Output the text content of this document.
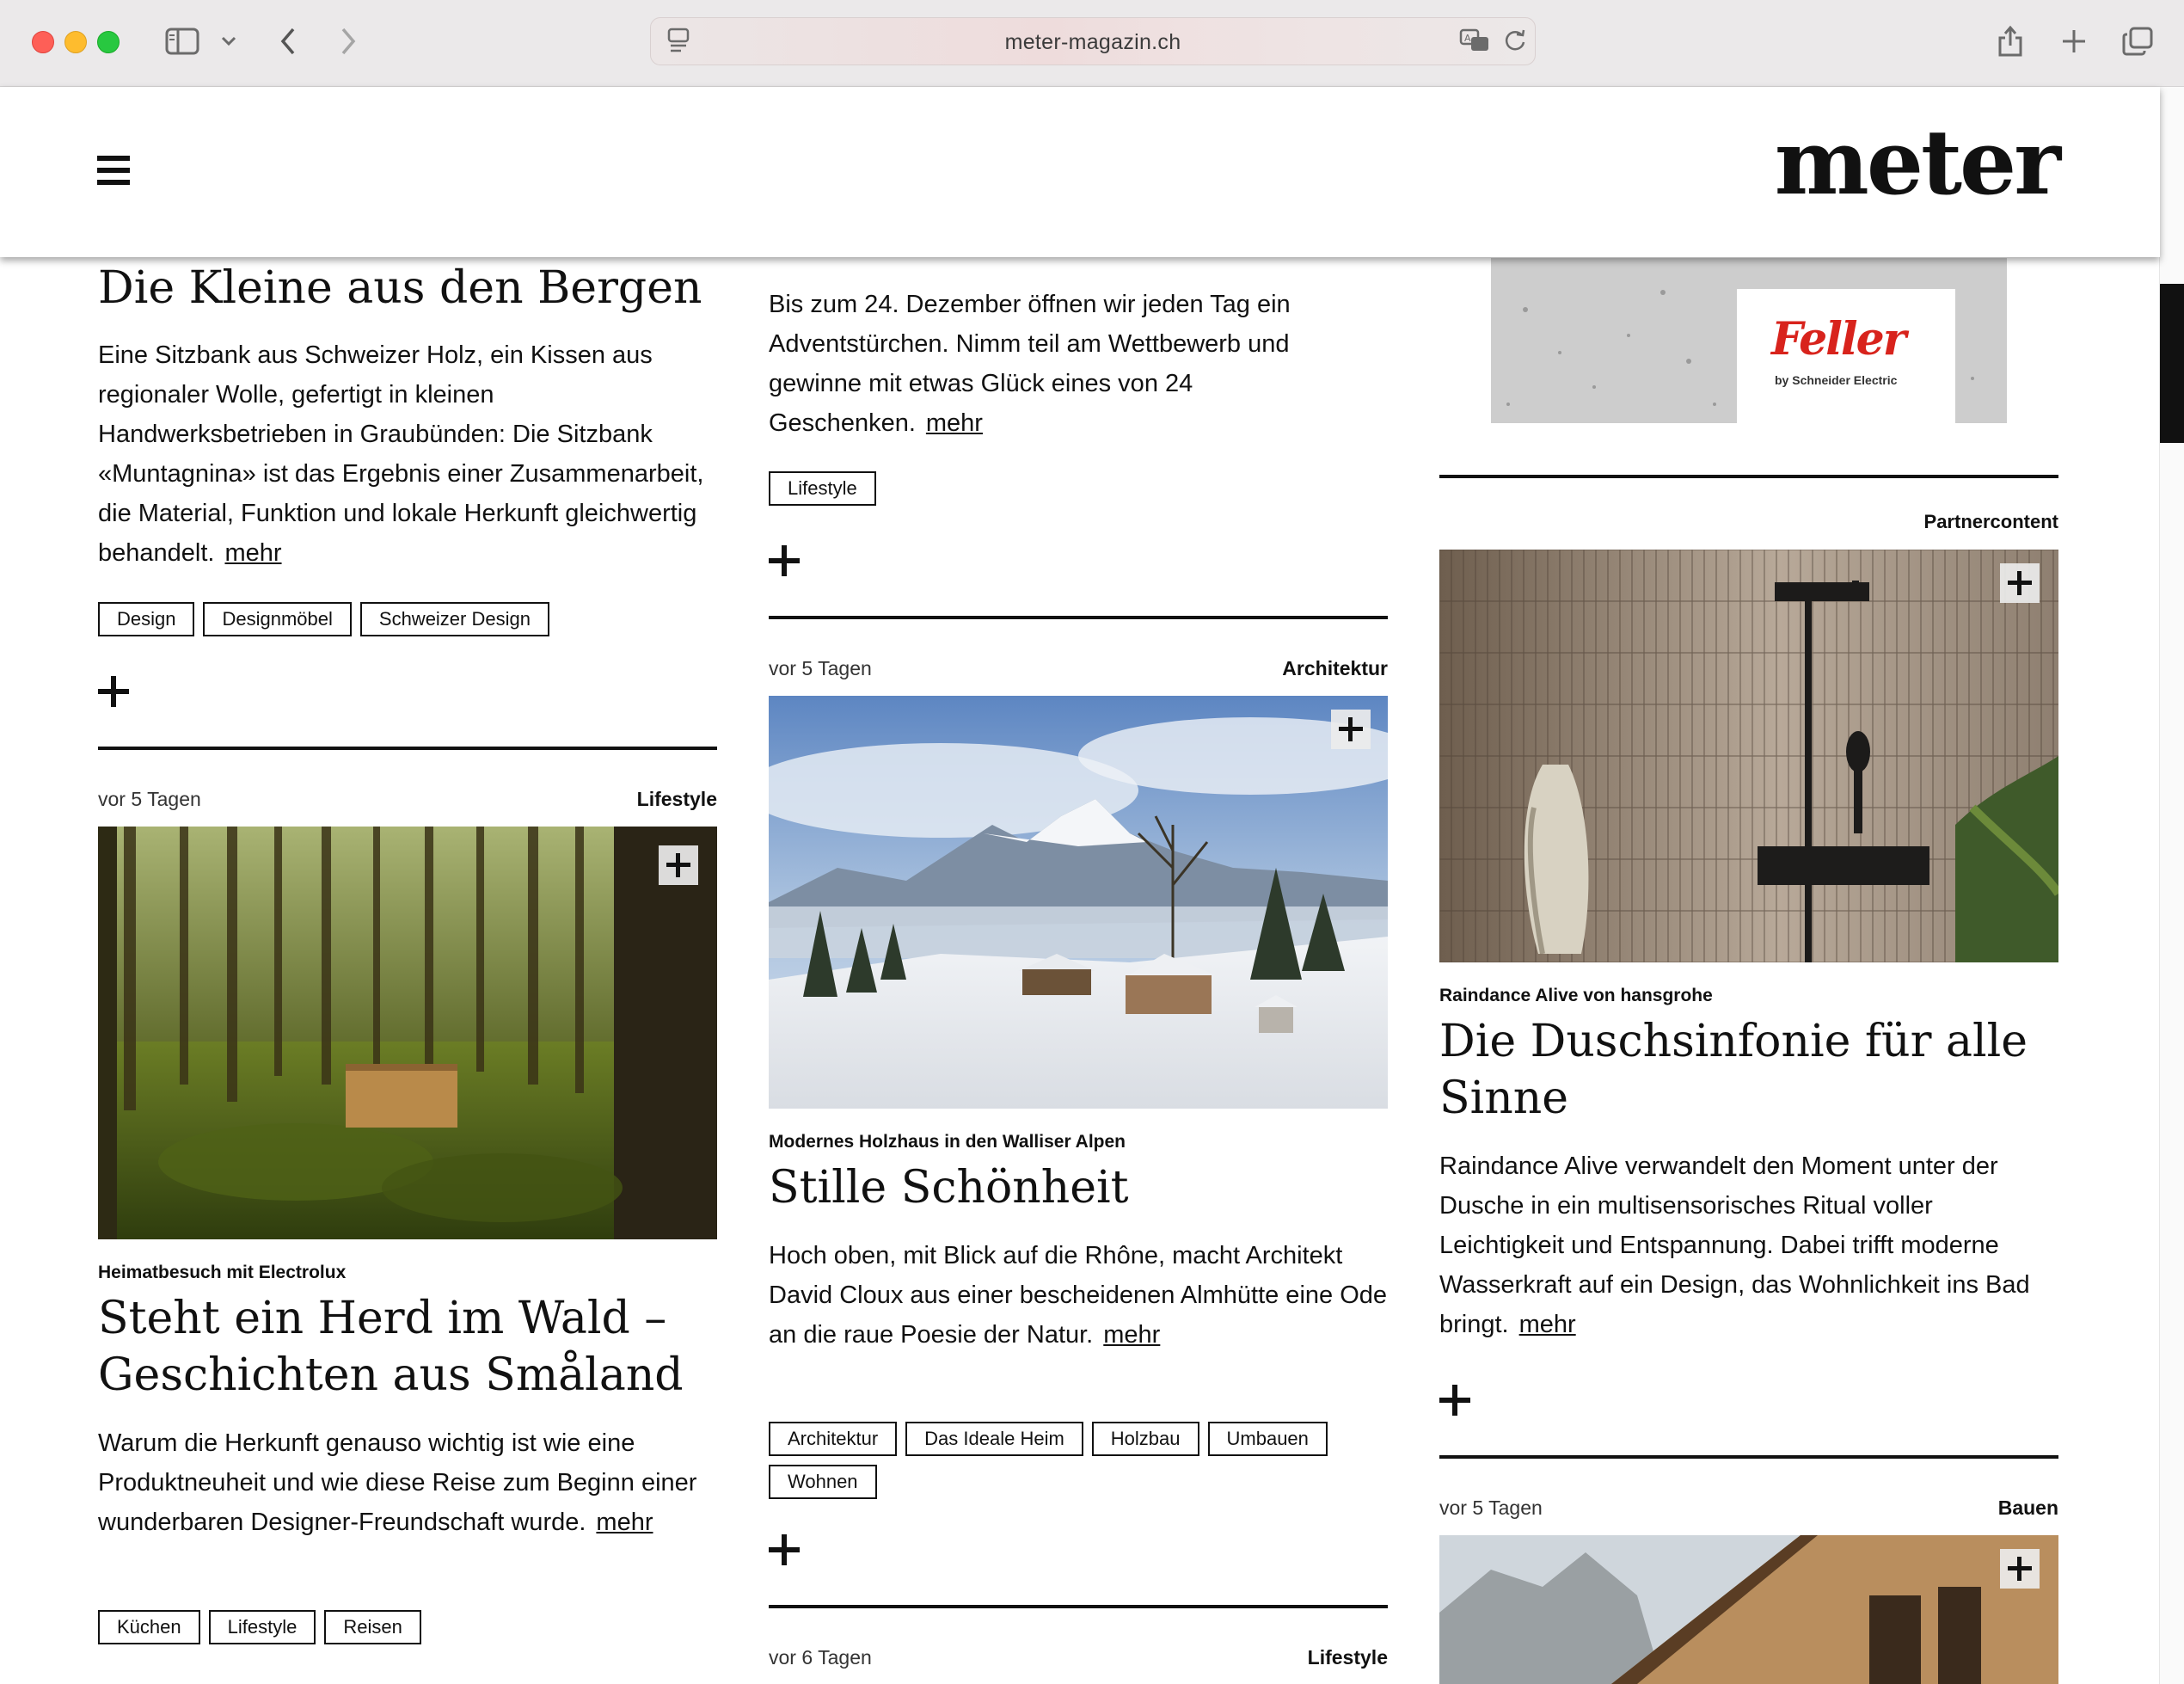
meter-magazin.ch	A
meter
Die Kleine aus den Bergen
Eine Sitzbank aus Schweizer Holz, ein Kissen aus regionaler Wolle, gefertigt in kleinen Handwerksbetrieben in Graubünden: Die Sitzbank «Muntagnina» ist das Ergebnis einer Zusammenarbeit, die Material, Funktion und lokale Herkunft gleichwertig behandelt. mehr
Design	Designmöbel	Schweizer Design
vor 5 Tagen	Lifestyle
Heimatbesuch mit Electrolux
Steht ein Herd im Wald –
Geschichten aus Småland
Warum die Herkunft genauso wichtig ist wie eine Produktneuheit und wie diese Reise zum Beginn einer wunderbaren Designer-Freundschaft wurde. mehr
Küchen	Lifestyle	Reisen
Bis zum 24. Dezember öffnen wir jeden Tag ein Adventstürchen. Nimm teil am Wettbewerb und gewinne mit etwas Glück eines von 24 Geschenken. mehr
Lifestyle
vor 5 Tagen	Architektur
Modernes Holzhaus in den Walliser Alpen
Stille Schönheit
Hoch oben, mit Blick auf die Rhône, macht Architekt David Cloux aus einer bescheidenen Almhütte eine Ode an die raue Poesie der Natur. mehr
Architektur	Das Ideale Heim	Holzbau	Umbauen
Wohnen
vor 6 Tagen	Lifestyle
Feller
by Schneider Electric
Partnercontent
Raindance Alive von hansgrohe
Die Duschsinfonie für alle
Sinne
Raindance Alive verwandelt den Moment unter der Dusche in ein multisensorisches Ritual voller Leichtigkeit und Entspannung. Dabei trifft moderne Wasserkraft auf ein Design, das Wohnlichkeit ins Bad bringt. mehr
vor 5 Tagen	Bauen
